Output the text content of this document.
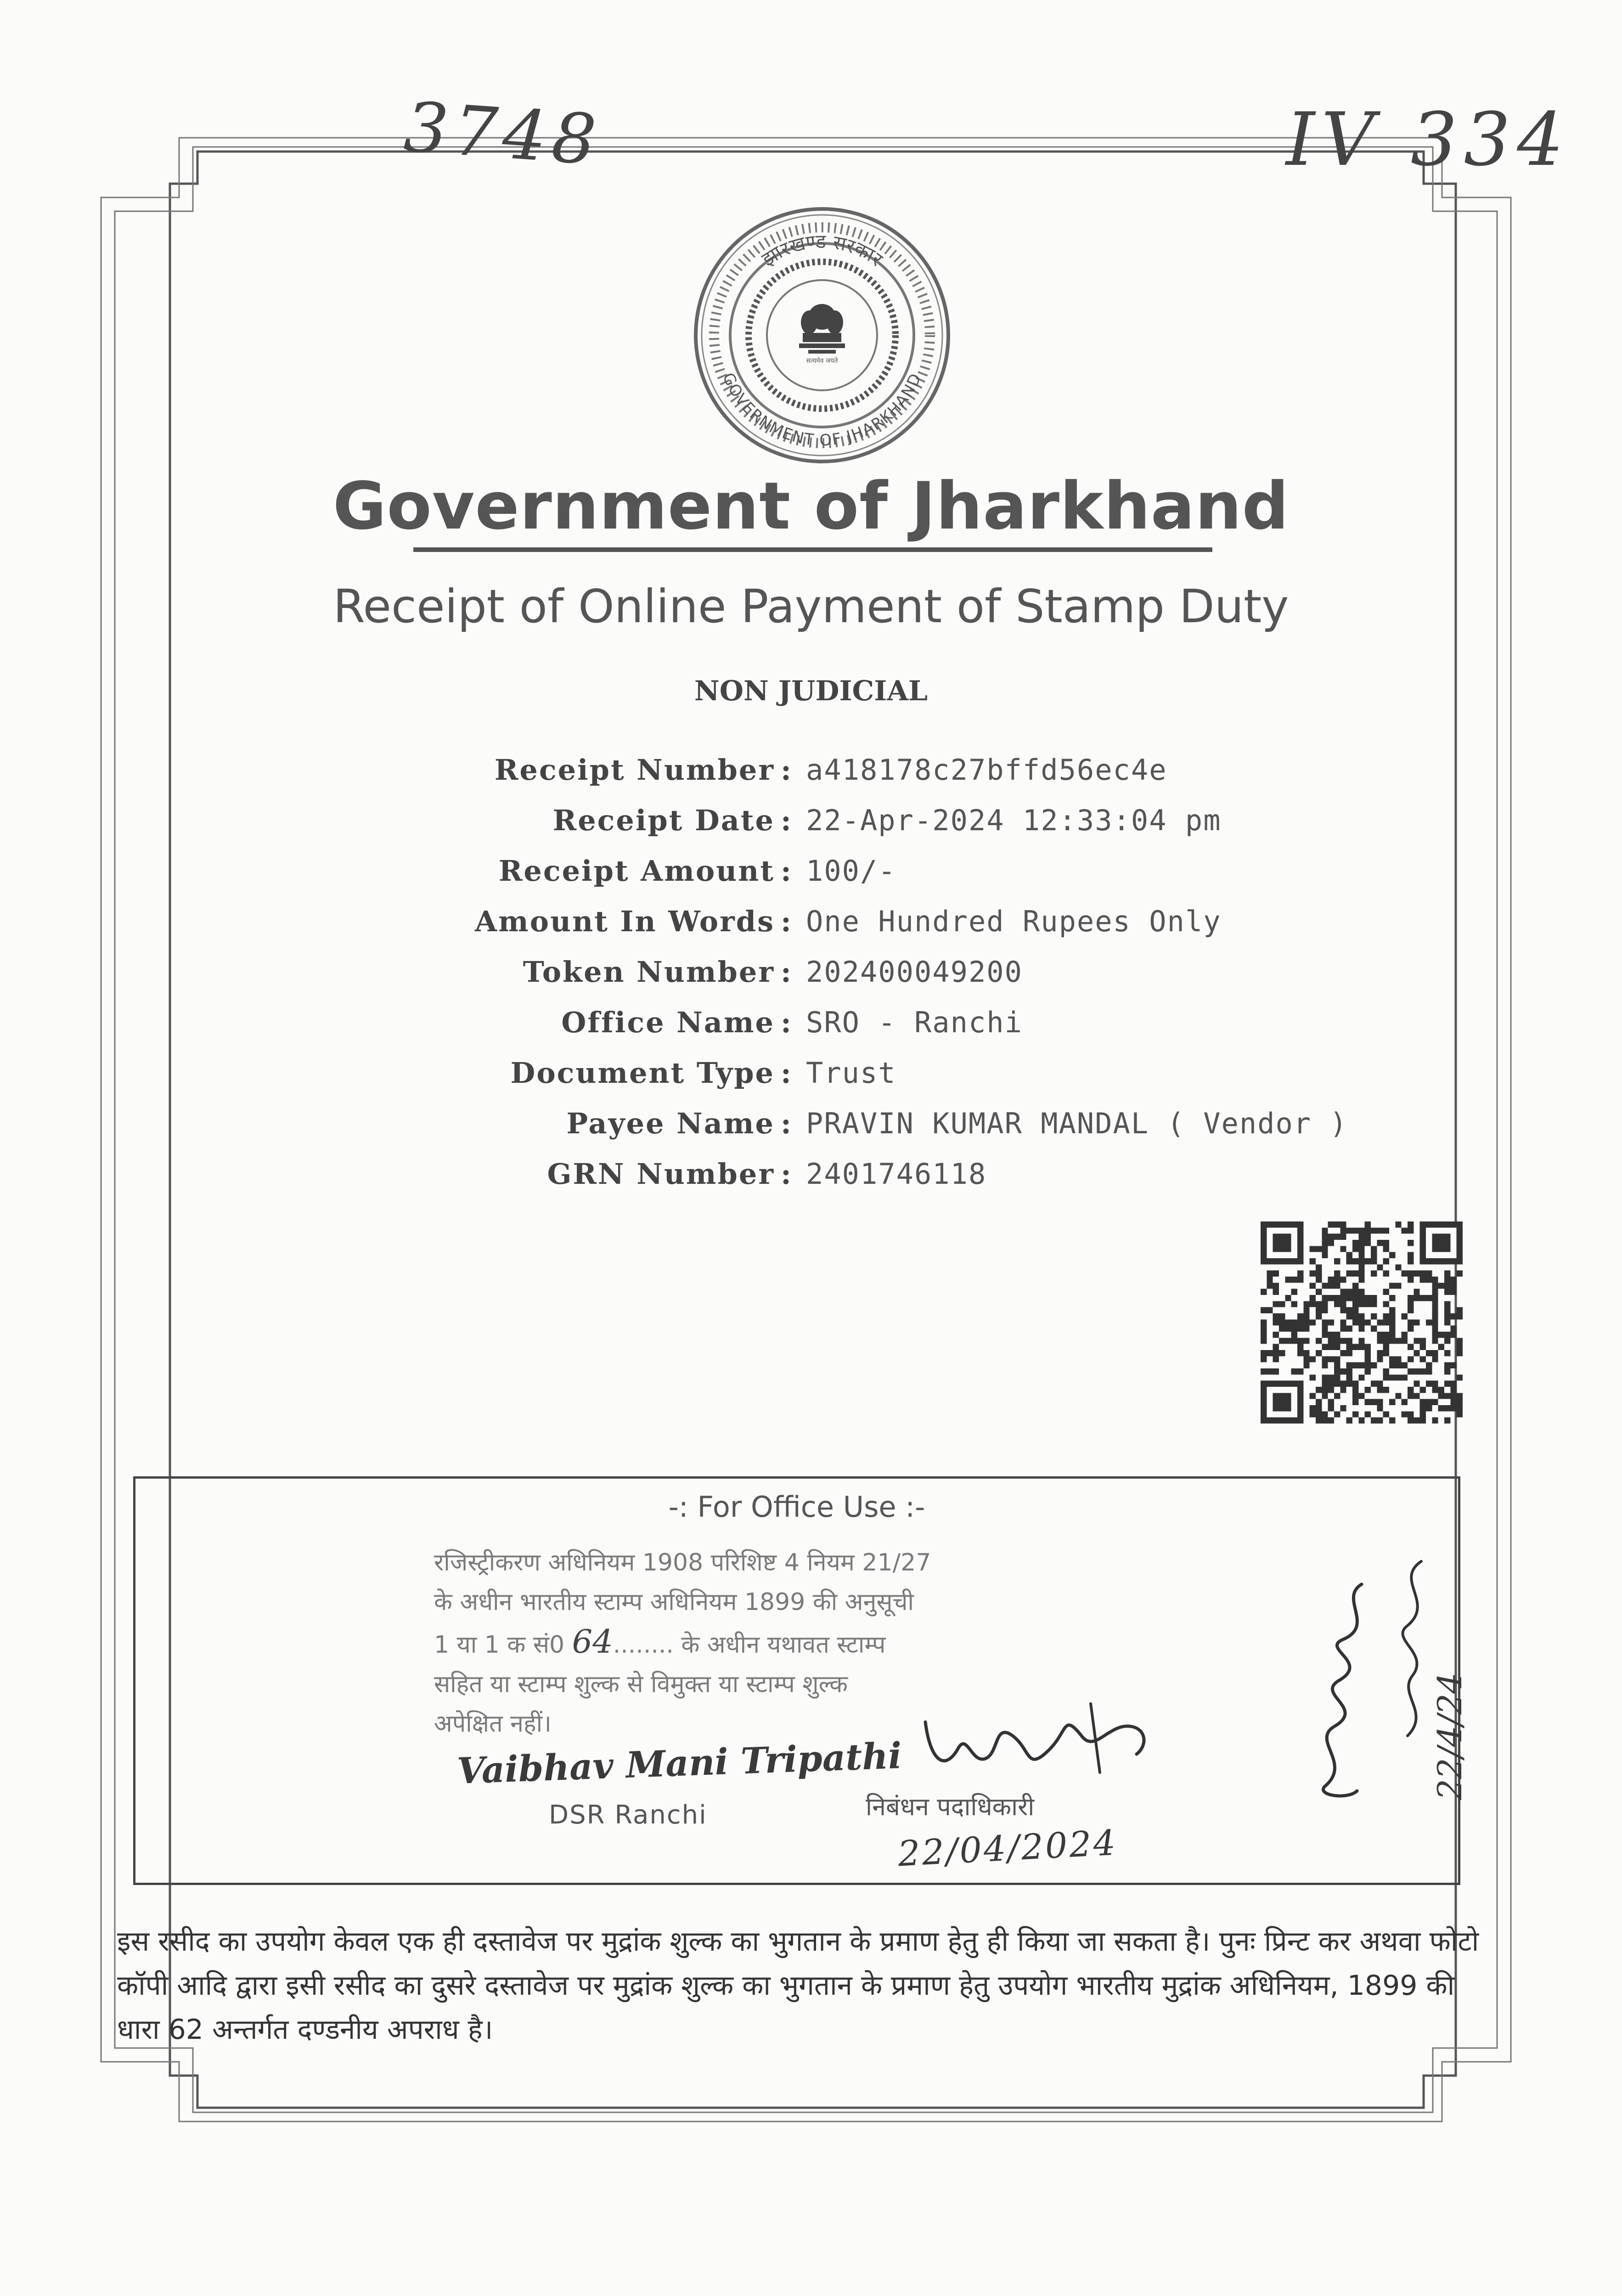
3748	IV 334
सत्यमेव जयते
झारखण्ड सरकार
GOVERNMENT OF JHARKHAND
Government of Jharkhand
Receipt of Online Payment of Stamp Duty
NON JUDICIAL
Receipt Number : a418178c27bffd56ec4e
Receipt Date : 22-Apr-2024 12:33:04 pm
Receipt Amount : 100/-
Amount In Words : One Hundred Rupees Only
Token Number : 202400049200
Office Name : SRO - Ranchi
Document Type : Trust
Payee Name : PRAVIN KUMAR MANDAL ( Vendor )
GRN Number : 2401746118
-: For Office Use :-
रजिस्ट्रीकरण अधिनियम 1908 परिशिष्ट 4 नियम 21/27
के अधीन भारतीय स्टाम्प अधिनियम 1899 की अनुसूची
1 या 1 क सं0 64........ के अधीन यथावत स्टाम्प
सहित या स्टाम्प शुल्क से विमुक्त या स्टाम्प शुल्क
अपेक्षित नहीं।
Vaibhav Mani Tripathi
DSR Ranchi	निबंधन पदाधिकारी
22/04/2024
22/4/24
इस रसीद का उपयोग केवल एक ही दस्तावेज पर मुद्रांक शुल्क का भुगतान के प्रमाण हेतु ही किया जा सकता है। पुनः प्रिन्ट कर अथवा फोटो कॉपी आदि द्वारा इसी रसीद का दुसरे दस्तावेज पर मुद्रांक शुल्क का भुगतान के प्रमाण हेतु उपयोग भारतीय मुद्रांक अधिनियम, 1899 की धारा 62 अन्तर्गत दण्डनीय अपराध है।
